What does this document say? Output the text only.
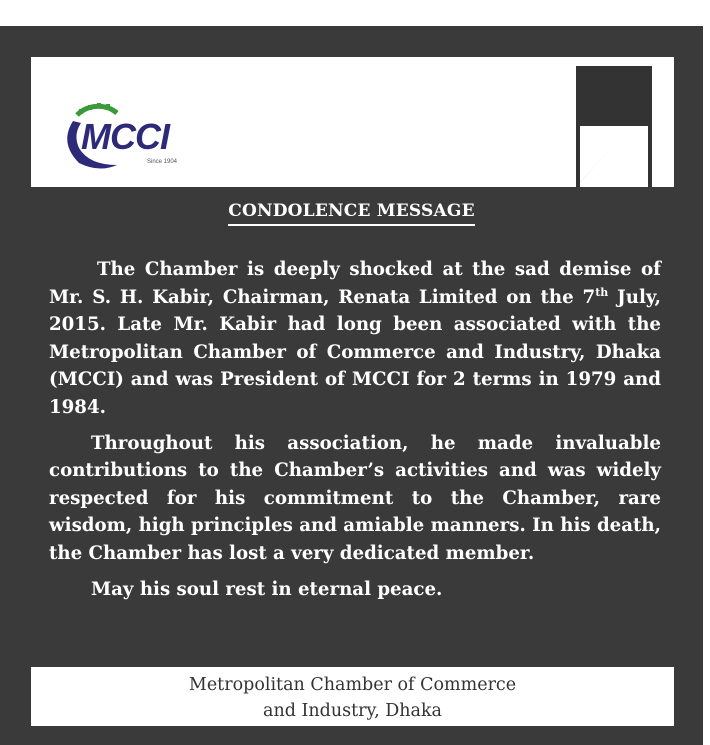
MCCI
Since 1904
CONDOLENCE MESSAGE

The Chamber is deeply shocked at the sad demise of Mr. S. H. Kabir, Chairman, Renata Limited on the 7th July, 2015. Late Mr. Kabir had long been associated with the Metropolitan Chamber of Commerce and Industry, Dhaka (MCCI) and was President of MCCI for 2 terms in 1979 and 1984.

Throughout his association, he made invaluable contributions to the Chamber’s activities and was widely respected for his commitment to the Chamber, rare wisdom, high principles and amiable manners. In his death, the Chamber has lost a very dedicated member.

May his soul rest in eternal peace.

Metropolitan Chamber of Commerce
and Industry, Dhaka
